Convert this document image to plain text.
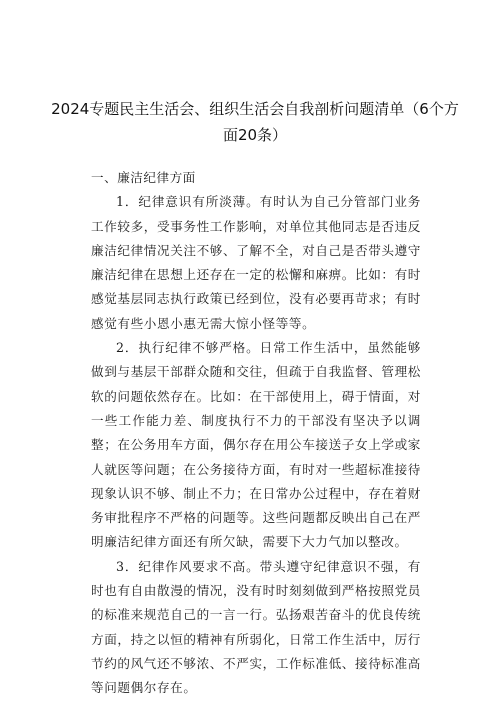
2024专题民主生活会、组织生活会自我剖析问题清单（6个方
面20条）
一、廉洁纪律方面

1．纪律意识有所淡薄。有时认为自己分管部门业务工作较多，受事务性工作影响，对单位其他同志是否违反廉洁纪律情况关注不够、了解不全，对自己是否带头遵守廉洁纪律在思想上还存在一定的松懈和麻痹。比如：有时感觉基层同志执行政策已经到位，没有必要再苛求；有时感觉有些小恩小惠无需大惊小怪等等。

2．执行纪律不够严格。日常工作生活中，虽然能够做到与基层干部群众随和交往，但疏于自我监督、管理松软的问题依然存在。比如：在干部使用上，碍于情面，对一些工作能力差、制度执行不力的干部没有坚决予以调整；在公务用车方面，偶尔存在用公车接送子女上学或家人就医等问题；在公务接待方面，有时对一些超标准接待现象认识不够、制止不力；在日常办公过程中，存在着财务审批程序不严格的问题等。这些问题都反映出自己在严明廉洁纪律方面还有所欠缺，需要下大力气加以整改。

3．纪律作风要求不高。带头遵守纪律意识不强，有时也有自由散漫的情况，没有时时刻刻做到严格按照党员的标准来规范自己的一言一行。弘扬艰苦奋斗的优良传统方面，持之以恒的精神有所弱化，日常工作生活中，厉行节约的风气还不够浓、不严实，工作标准低、接待标准高等问题偶尔存在。
